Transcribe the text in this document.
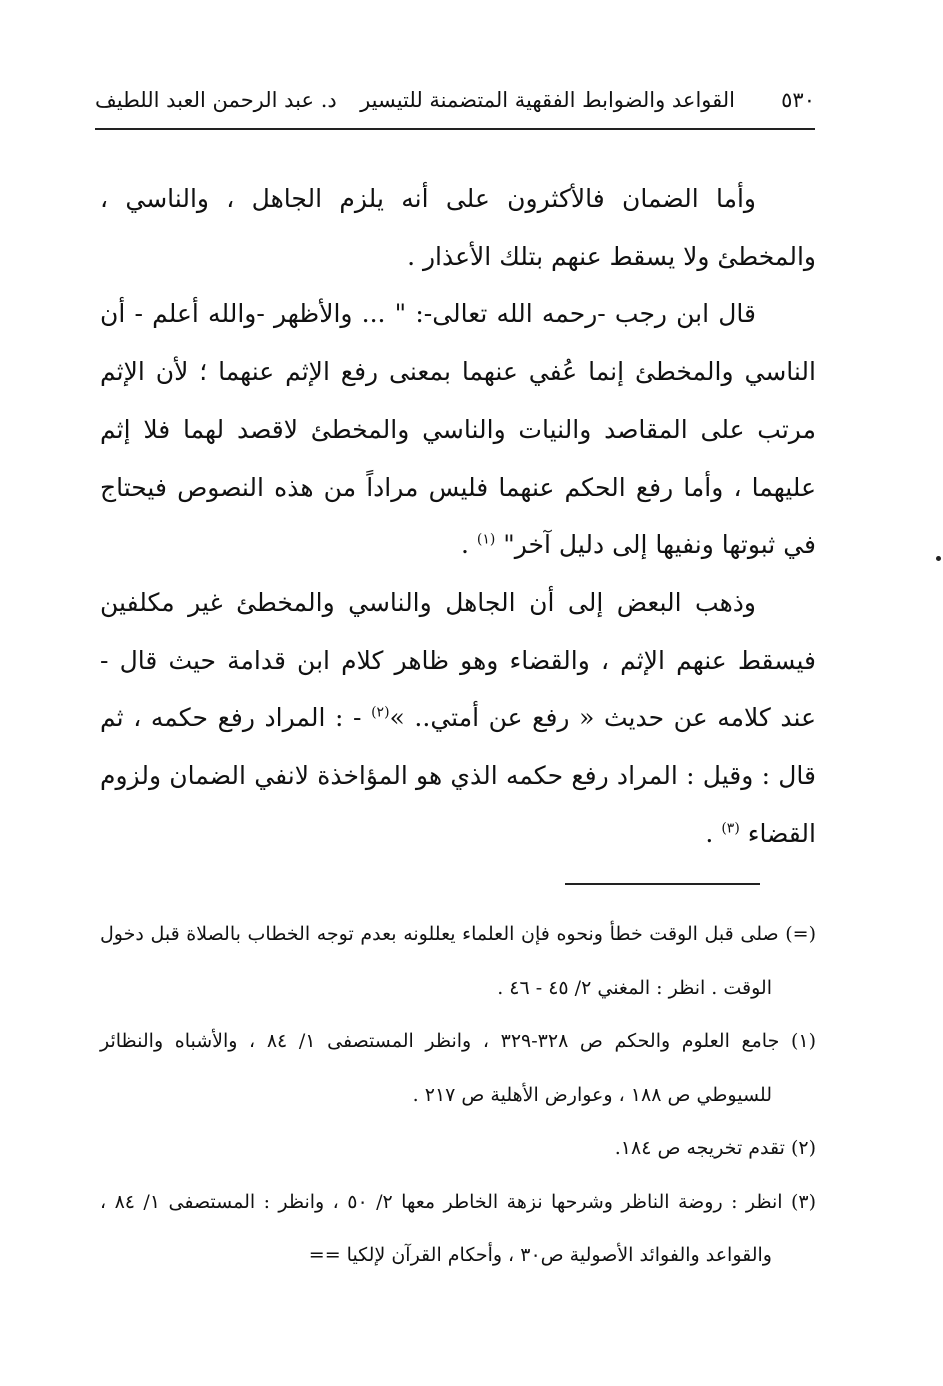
٥٣٠
القواعد والضوابط الفقهية المتضمنة للتيسير
د. عبد الرحمن العبد اللطيف

وأما الضمان فالأكثرون على أنه يلزم الجاهل ، والناسي ، والمخطئ ولا يسقط عنهم بتلك الأعذار .

قال ابن رجب -رحمه الله تعالى-: " ... والأظهر -والله أعلم - أن الناسي والمخطئ إنما عُفي عنهما بمعنى رفع الإثم عنهما ؛ لأن الإثم مرتب على المقاصد والنيات والناسي والمخطئ لاقصد لهما فلا إثم عليهما ، وأما رفع الحكم عنهما فليس مراداً من هذه النصوص فيحتاج في ثبوتها ونفيها إلى دليل آخر" $^{(١)}$ .

وذهب البعض إلى أن الجاهل والناسي والمخطئ غير مكلفين فيسقط عنهم الإثم ، والقضاء وهو ظاهر كلام ابن قدامة حيث قال - عند كلامه عن حديث « رفع عن أمتي.. »$^{(٢)}$ - : المراد رفع حكمه ، ثم قال : وقيل : المراد رفع حكمه الذي هو المؤاخذة لانفي الضمان ولزوم القضاء $^{(٣)}$ .

(=) صلى قبل الوقت خطأ ونحوه فإن العلماء يعللونه بعدم توجه الخطاب بالصلاة قبل دخول الوقت . انظر : المغني ٢/ ٤٥ - ٤٦ .

(١) جامع العلوم والحكم ص ٣٢٨-٣٢٩ ، وانظر المستصفى ١/ ٨٤ ، والأشباه والنظائر للسيوطي ص ١٨٨ ، وعوارض الأهلية ص ٢١٧ .

(٢) تقدم تخريجه ص ١٨٤.

(٣) انظر : روضة الناظر وشرحها نزهة الخاطر معها ٢/ ٥٠ ، وانظر : المستصفى ١/ ٨٤ ، والقواعد والفوائد الأصولية ص٣٠ ، وأحكام القرآن لإلكيا ==
